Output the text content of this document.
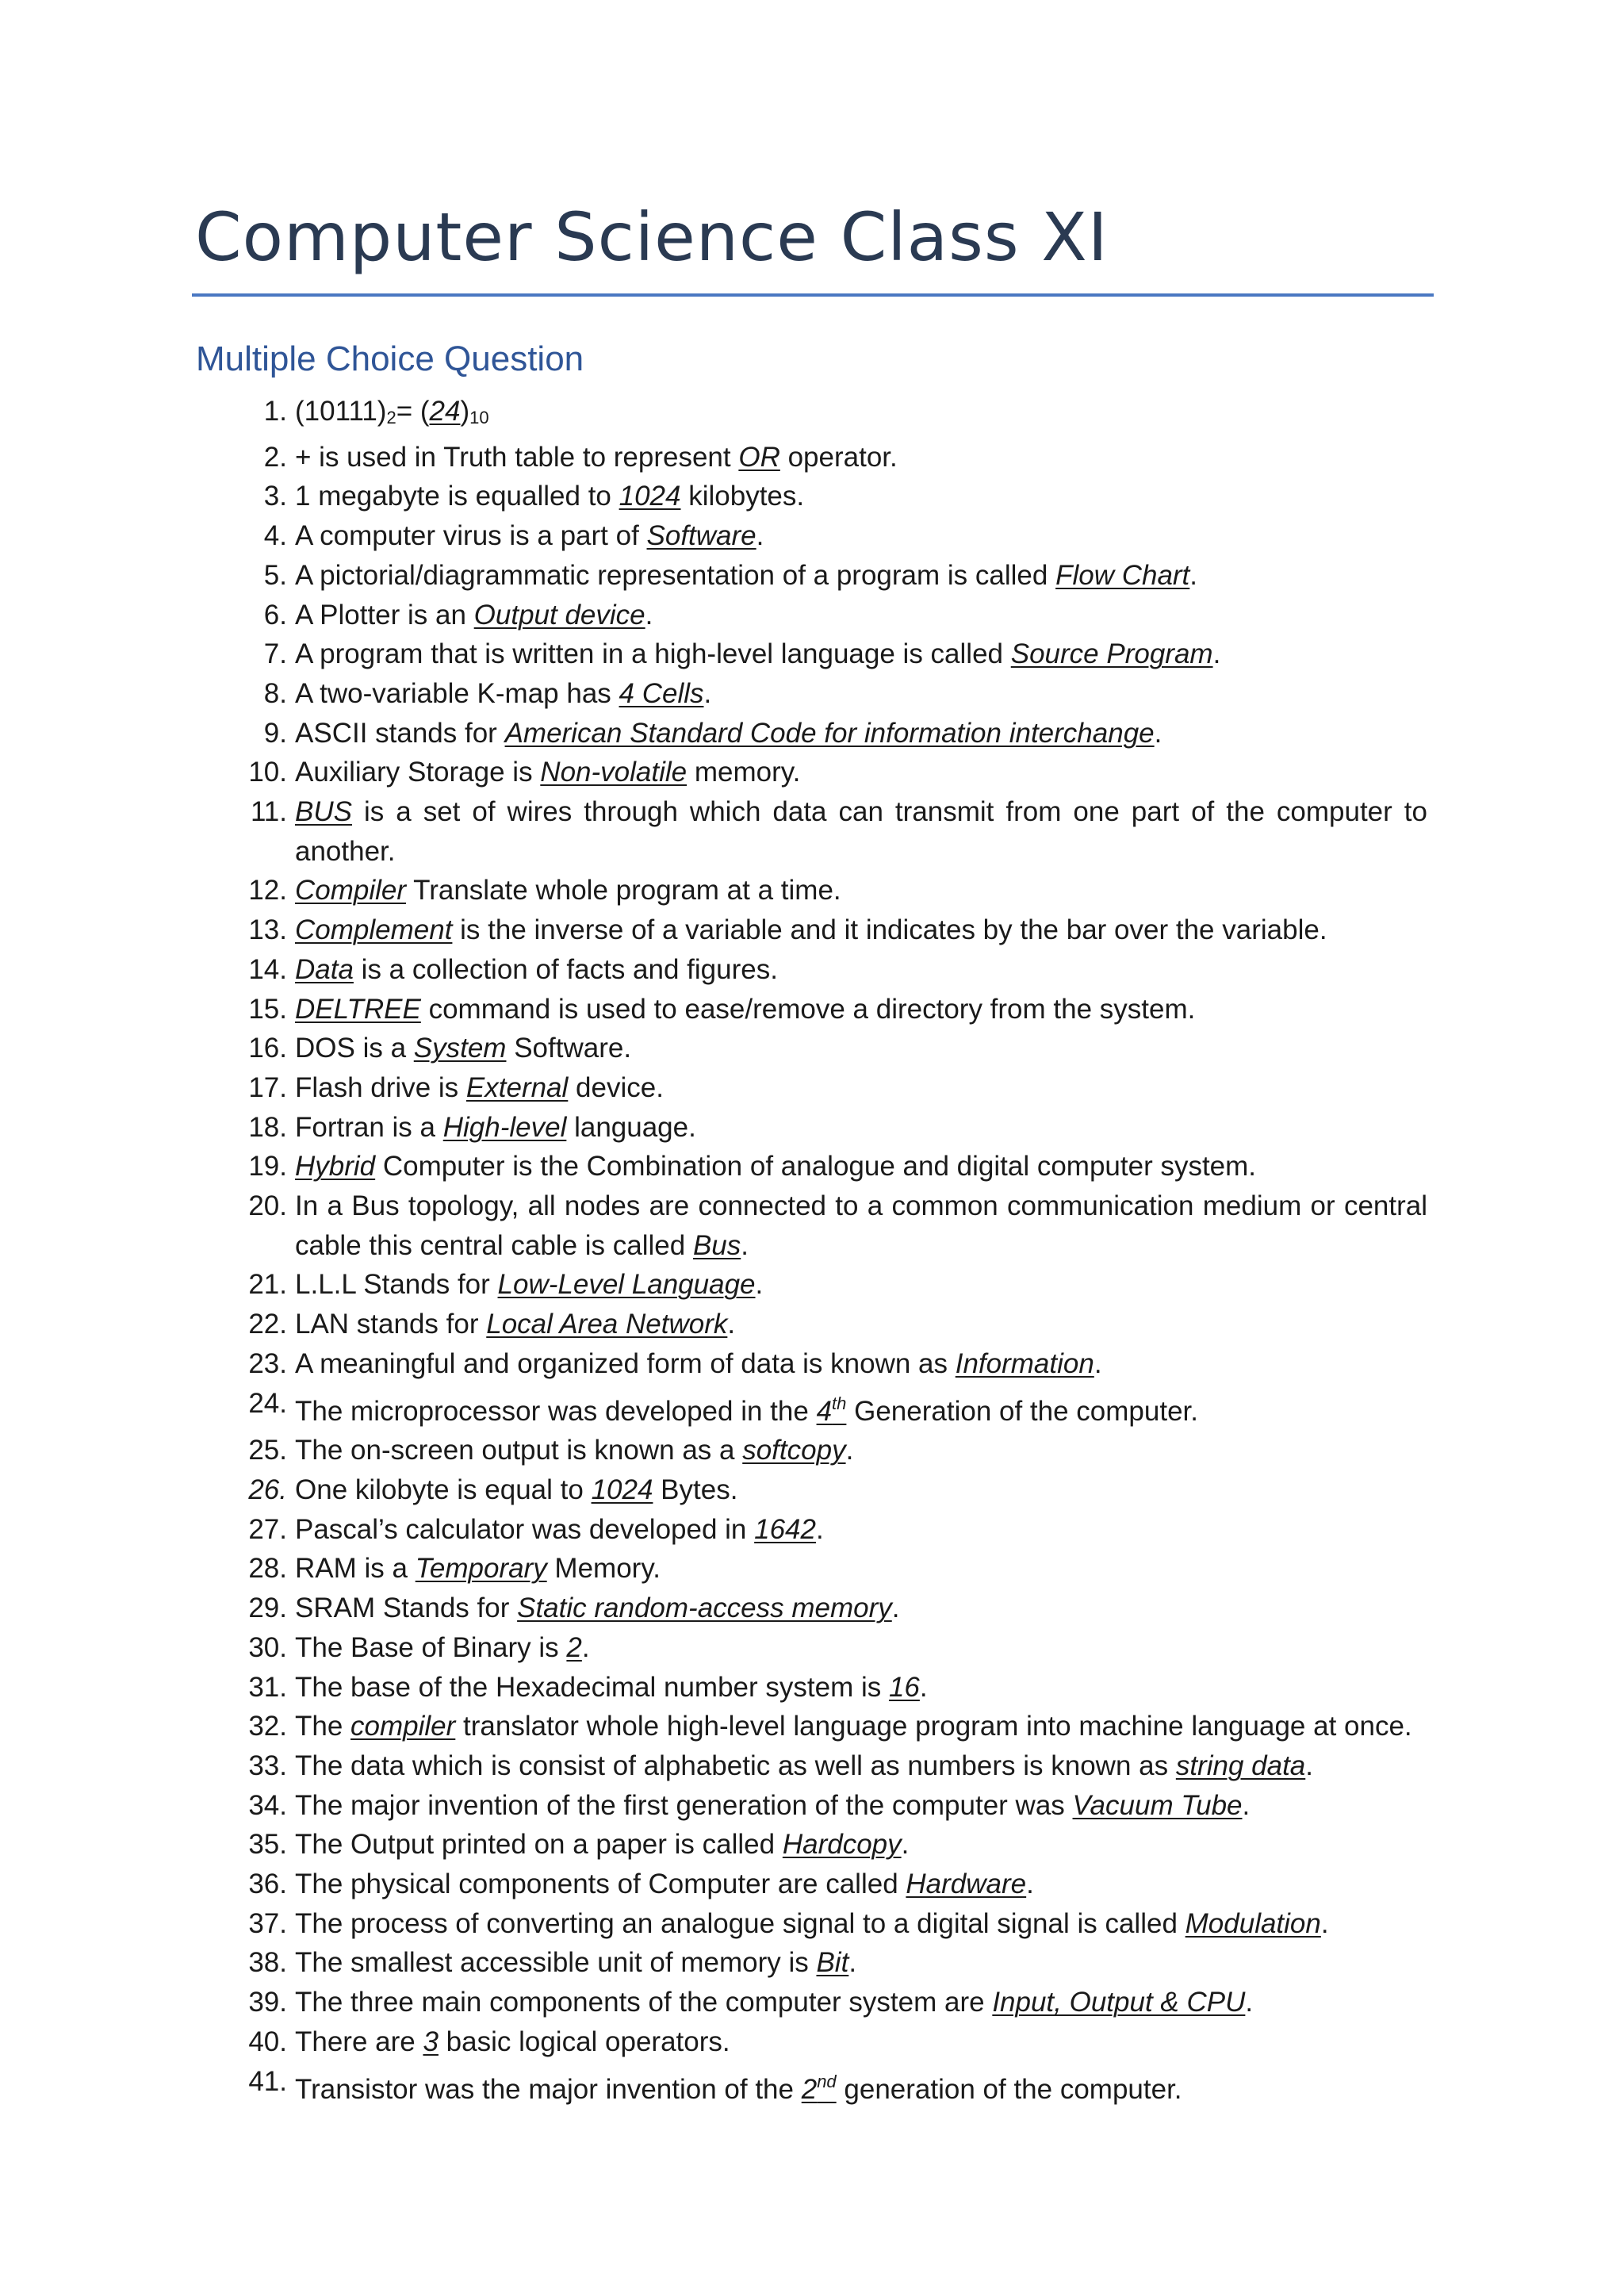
Computer Science Class XI
Multiple Choice Question
1. (10111)2= (24)10
2. + is used in Truth table to represent OR operator.
3. 1 megabyte is equalled to 1024 kilobytes.
4. A computer virus is a part of Software.
5. A pictorial/diagrammatic representation of a program is called Flow Chart.
6. A Plotter is an Output device.
7. A program that is written in a high-level language is called Source Program.
8. A two-variable K-map has 4 Cells.
9. ASCII stands for American Standard Code for information interchange.
10. Auxiliary Storage is Non-volatile memory.
11. BUS is a set of wires through which data can transmit from one part of the computer to another.
12. Compiler Translate whole program at a time.
13. Complement is the inverse of a variable and it indicates by the bar over the variable.
14. Data is a collection of facts and figures.
15. DELTREE command is used to ease/remove a directory from the system.
16. DOS is a System Software.
17. Flash drive is External device.
18. Fortran is a High-level language.
19. Hybrid Computer is the Combination of analogue and digital computer system.
20. In a Bus topology, all nodes are connected to a common communication medium or central cable this central cable is called Bus.
21. L.L.L Stands for Low-Level Language.
22. LAN stands for Local Area Network.
23. A meaningful and organized form of data is known as Information.
24. The microprocessor was developed in the 4th Generation of the computer.
25. The on-screen output is known as a softcopy.
26. One kilobyte is equal to 1024 Bytes.
27. Pascal’s calculator was developed in 1642.
28. RAM is a Temporary Memory.
29. SRAM Stands for Static random-access memory.
30. The Base of Binary is 2.
31. The base of the Hexadecimal number system is 16.
32. The compiler translator whole high-level language program into machine language at once.
33. The data which is consist of alphabetic as well as numbers is known as string data.
34. The major invention of the first generation of the computer was Vacuum Tube.
35. The Output printed on a paper is called Hardcopy.
36. The physical components of Computer are called Hardware.
37. The process of converting an analogue signal to a digital signal is called Modulation.
38. The smallest accessible unit of memory is Bit.
39. The three main components of the computer system are Input, Output & CPU.
40. There are 3 basic logical operators.
41. Transistor was the major invention of the 2nd generation of the computer.
